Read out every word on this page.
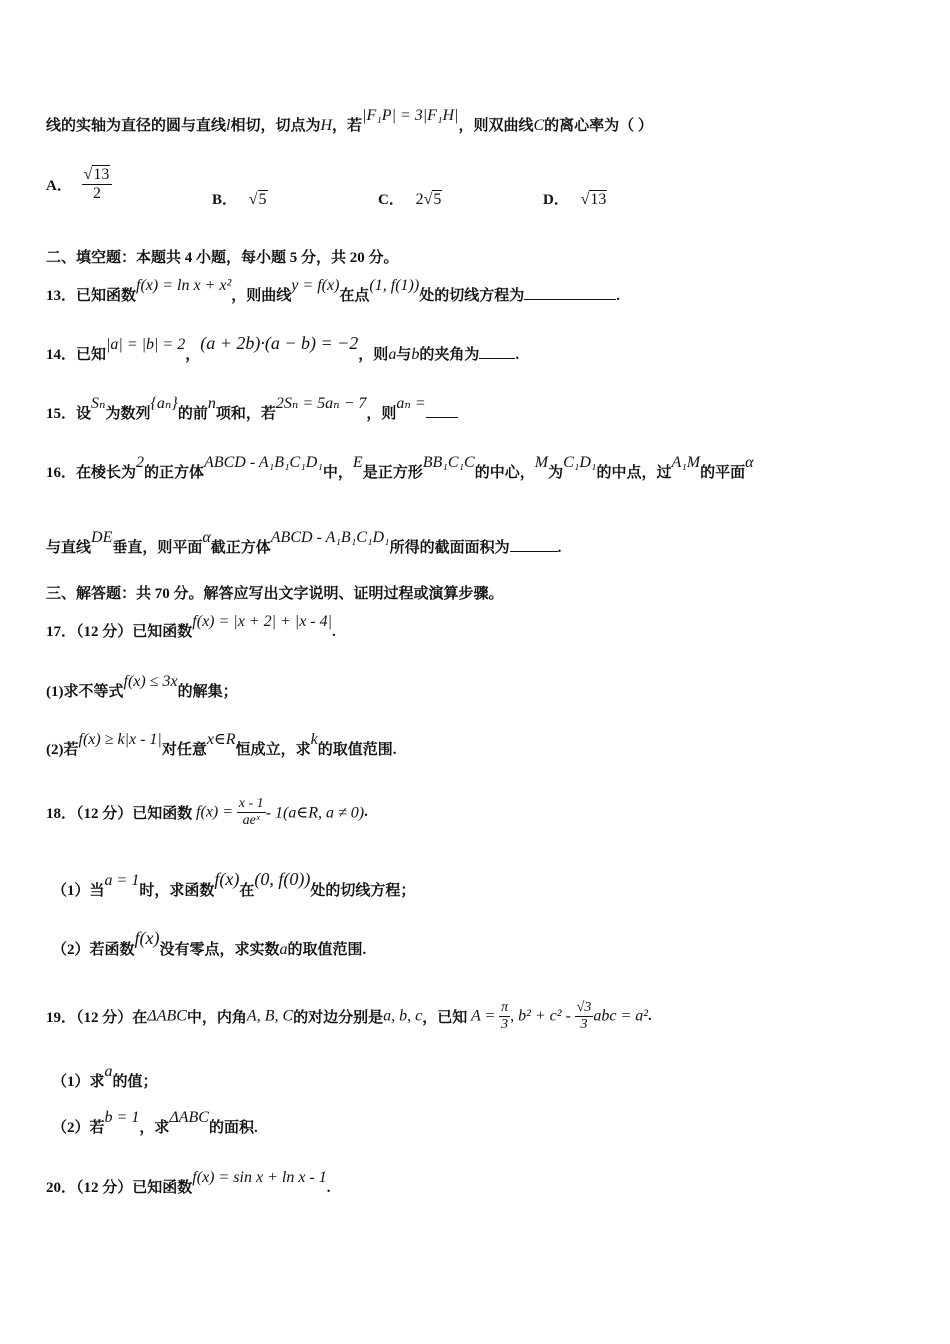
线的实轴为直径的圆与直线l相切，切点为H，若|F₁P| = 3|F₁H|，则双曲线C的离心率为（ ）
A． $\frac{√13}{2}$	B． √5	C． 2√5	D． √13
二、填空题：本题共 4 小题，每小题 5 分，共 20 分。
13．已知函数f(x) = ln x + x²，则曲线y = f(x)在点(1, f(1))处的切线方程为	.
14．已知|a| = |b| = 2，(a + 2b)·(a − b) = −2，则a与b的夹角为 .
15．设Sₙ为数列{aₙ}的前n项和，若2Sₙ = 5aₙ − 7，则aₙ =
16．在棱长为2的正方体ABCD - A₁B₁C₁D₁中，E是正方形BB₁C₁C的中心，M为C₁D₁的中点，过A₁M的平面α
与直线DE垂直，则平面α截正方体ABCD - A₁B₁C₁D₁所得的截面面积为	.
三、解答题：共 70 分。解答应写出文字说明、证明过程或演算步骤。
17．（12 分）已知函数f(x) = |x + 2| + |x - 4|.
(1)求不等式f(x) ≤ 3x的解集；
(2)若f(x) ≥ k|x - 1|对任意x∈R恒成立，求k的取值范围.
18．（12 分）已知函数 $f(x) = \frac{x - 1}{\text{aeˣ}}$ - 1(a∈R, a ≠ 0).
（1）当a = 1时，求函数f(x)在(0, f(0))处的切线方程；
（2）若函数f(x)没有零点，求实数a的取值范围.
19．（12 分）在ΔABC中，内角A, B, C的对边分别是a, b, c，已知 $A = \frac{\pi}{3}$ , $b^2 + c^2 - \frac{√3}{3}$ abc = a².
（1）求a的值；
（2）若b = 1，求ΔABC的面积.
20．（12 分）已知函数f(x) = sin x + ln x - 1.
